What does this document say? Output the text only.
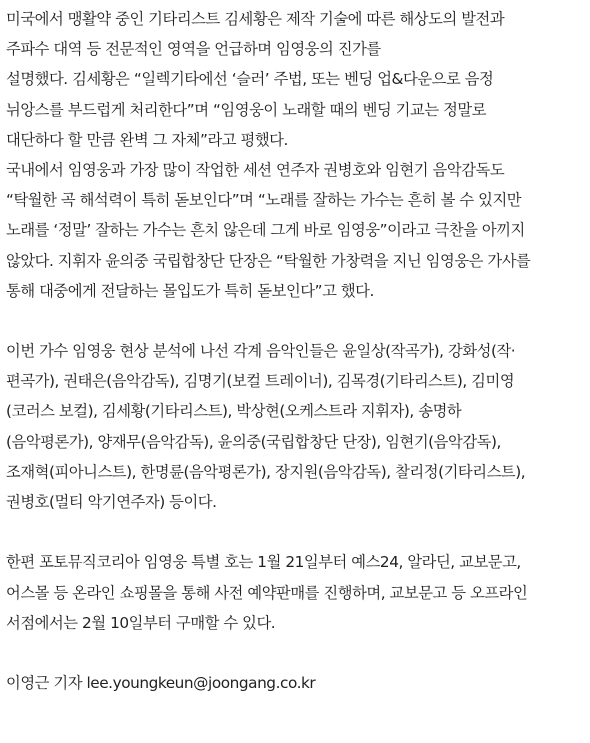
미국에서 맹활약 중인 기타리스트 김세황은 제작 기술에 따른 해상도의 발전과
주파수 대역 등 전문적인 영역을 언급하며 임영웅의 진가를
설명했다. 김세황은 “일렉기타에선 ‘슬러’ 주법, 또는 벤딩 업&다운으로 음정
뉘앙스를 부드럽게 처리한다”며 “임영웅이 노래할 때의 벤딩 기교는 정말로
대단하다 할 만큼 완벽 그 자체”라고 평했다.
국내에서 임영웅과 가장 많이 작업한 세션 연주자 권병호와 임현기 음악감독도
“탁월한 곡 해석력이 특히 돋보인다”며 “노래를 잘하는 가수는 흔히 볼 수 있지만
노래를 ‘정말’ 잘하는 가수는 흔치 않은데 그게 바로 임영웅”이라고 극찬을 아끼지
않았다. 지휘자 윤의중 국립합창단 단장은 “탁월한 가창력을 지닌 임영웅은 가사를
통해 대중에게 전달하는 몰입도가 특히 돋보인다”고 했다.
이번 가수 임영웅 현상 분석에 나선 각계 음악인들은 윤일상(작곡가), 강화성(작·
편곡가), 권태은(음악감독), 김명기(보컬 트레이너), 김목경(기타리스트), 김미영
(코러스 보컬), 김세황(기타리스트), 박상현(오케스트라 지휘자), 송명하
(음악평론가), 양재무(음악감독), 윤의중(국립합창단 단장), 임현기(음악감독),
조재혁(피아니스트), 한명륜(음악평론가), 장지원(음악감독), 찰리정(기타리스트),
권병호(멀티 악기연주자) 등이다.
한편 포토뮤직코리아 임영웅 특별 호는 1월 21일부터 예스24, 알라딘, 교보문고,
어스몰 등 온라인 쇼핑몰을 통해 사전 예약판매를 진행하며, 교보문고 등 오프라인
서점에서는 2월 10일부터 구매할 수 있다.
이영근 기자 lee.youngkeun@joongang.co.kr
